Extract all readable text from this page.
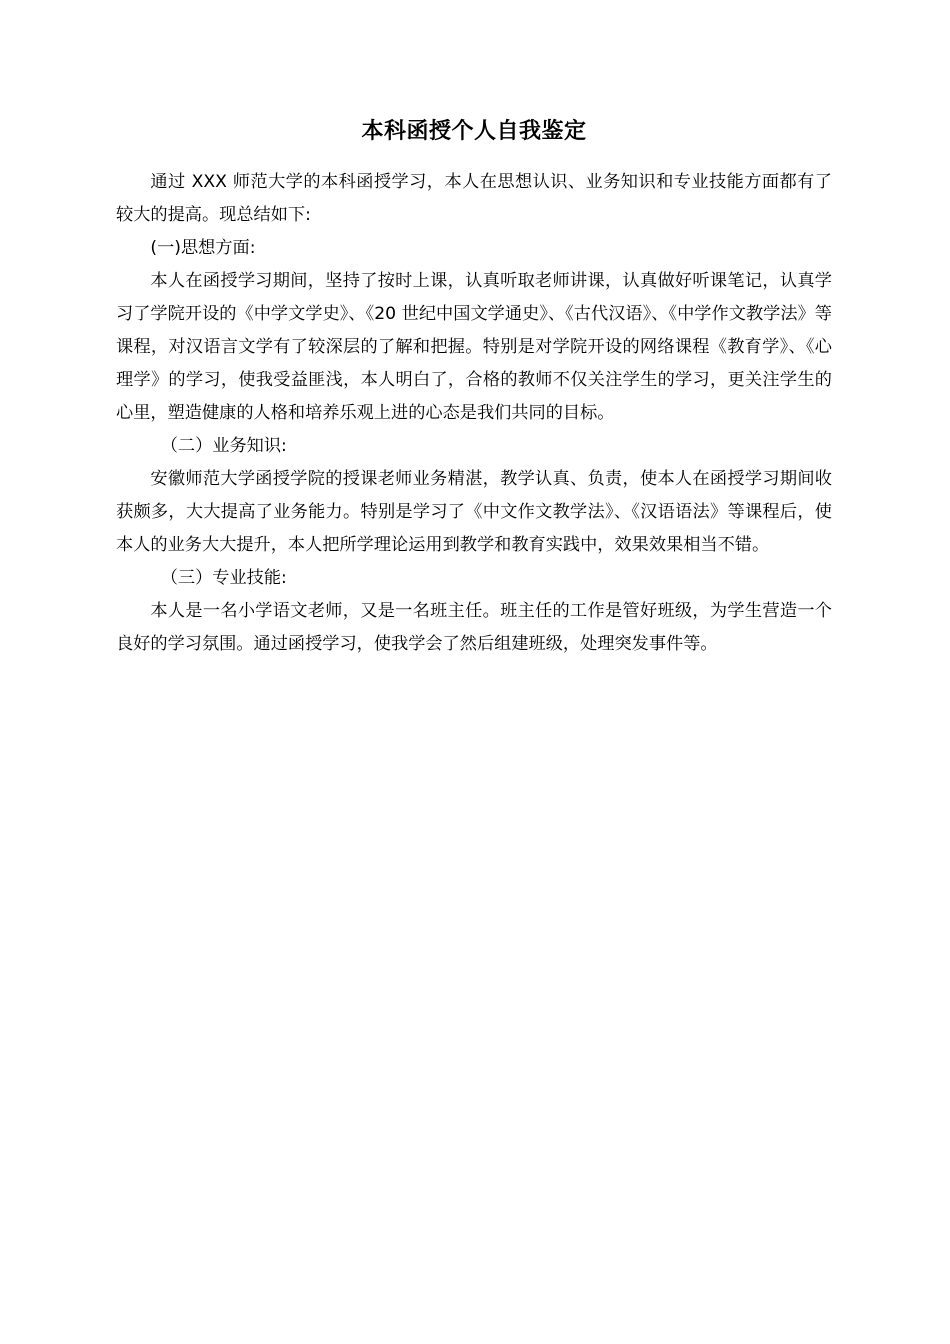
本科函授个人自我鉴定

通过 XXX 师范大学的本科函授学习，本人在思想认识、业务知识和专业技能方面都有了较大的提高。现总结如下:

(一)思想方面:

本人在函授学习期间，坚持了按时上课，认真听取老师讲课，认真做好听课笔记，认真学习了学院开设的《中学文学史》、《20 世纪中国文学通史》、《古代汉语》、《中学作文教学法》等课程，对汉语言文学有了较深层的了解和把握。特别是对学院开设的网络课程《教育学》、《心理学》的学习，使我受益匪浅，本人明白了，合格的教师不仅关注学生的学习，更关注学生的心里，塑造健康的人格和培养乐观上进的心态是我们共同的目标。

（二）业务知识:

安徽师范大学函授学院的授课老师业务精湛，教学认真、负责，使本人在函授学习期间收获颇多，大大提高了业务能力。特别是学习了《中文作文教学法》、《汉语语法》等课程后，使本人的业务大大提升，本人把所学理论运用到教学和教育实践中，效果效果相当不错。

（三）专业技能:

本人是一名小学语文老师，又是一名班主任。班主任的工作是管好班级，为学生营造一个良好的学习氛围。通过函授学习，使我学会了然后组建班级，处理突发事件等。
